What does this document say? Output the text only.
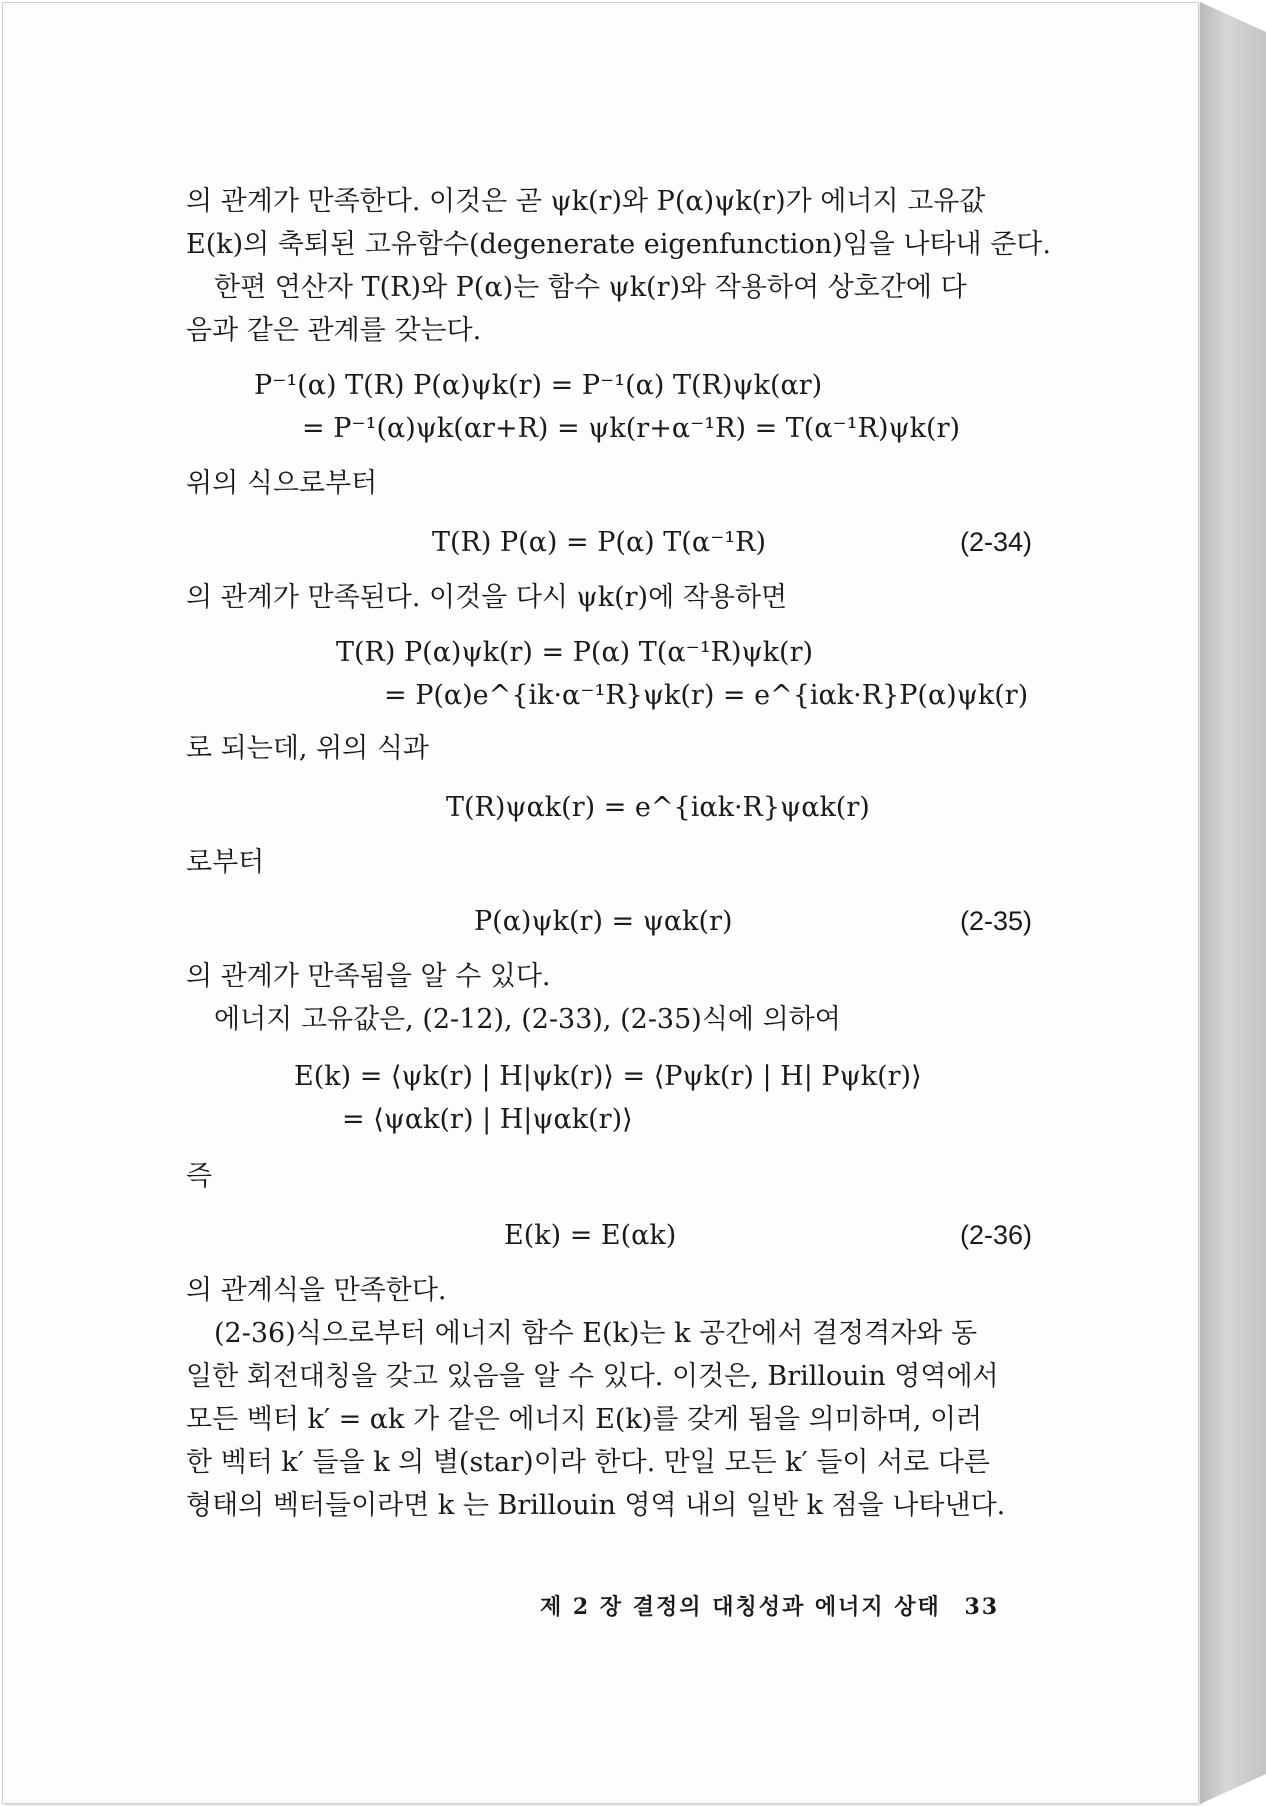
의 관계가 만족한다. 이것은 곧 ψk(r)와 P(α)ψk(r)가 에너지 고유값

E(k)의 축퇴된 고유함수(degenerate eigenfunction)임을 나타내 준다.

한편 연산자 T(R)와 P(α)는 함수 ψk(r)와 작용하여 상호간에 다

음과 같은 관계를 갖는다.

P⁻¹(α) T(R) P(α)ψk(r) = P⁻¹(α) T(R)ψk(αr)
= P⁻¹(α)ψk(αr+R) = ψk(r+α⁻¹R) = T(α⁻¹R)ψk(r)

위의 식으로부터

T(R) P(α) = P(α) T(α⁻¹R)	(2-34)

의 관계가 만족된다. 이것을 다시 ψk(r)에 작용하면

T(R) P(α)ψk(r) = P(α) T(α⁻¹R)ψk(r)
= P(α)e^{ik·α⁻¹R}ψk(r) = e^{iαk·R}P(α)ψk(r)

로 되는데, 위의 식과

T(R)ψαk(r) = e^{iαk·R}ψαk(r)

로부터

P(α)ψk(r) = ψαk(r)	(2-35)

의 관계가 만족됨을 알 수 있다.

에너지 고유값은, (2-12), (2-33), (2-35)식에 의하여

E(k) = ⟨ψk(r) | H|ψk(r)⟩ = ⟨Pψk(r) | H| Pψk(r)⟩
= ⟨ψαk(r) | H|ψαk(r)⟩

즉

E(k) = E(αk)	(2-36)

의 관계식을 만족한다.

(2-36)식으로부터 에너지 함수 E(k)는 k 공간에서 결정격자와 동

일한 회전대칭을 갖고 있음을 알 수 있다. 이것은, Brillouin 영역에서

모든 벡터 k′ = αk 가 같은 에너지 E(k)를 갖게 됨을 의미하며, 이러

한 벡터 k′ 들을 k 의 별(star)이라 한다. 만일 모든 k′ 들이 서로 다른

형태의 벡터들이라면 k 는 Brillouin 영역 내의 일반 k 점을 나타낸다.

제 2 장 결정의 대칭성과 에너지 상태 33
